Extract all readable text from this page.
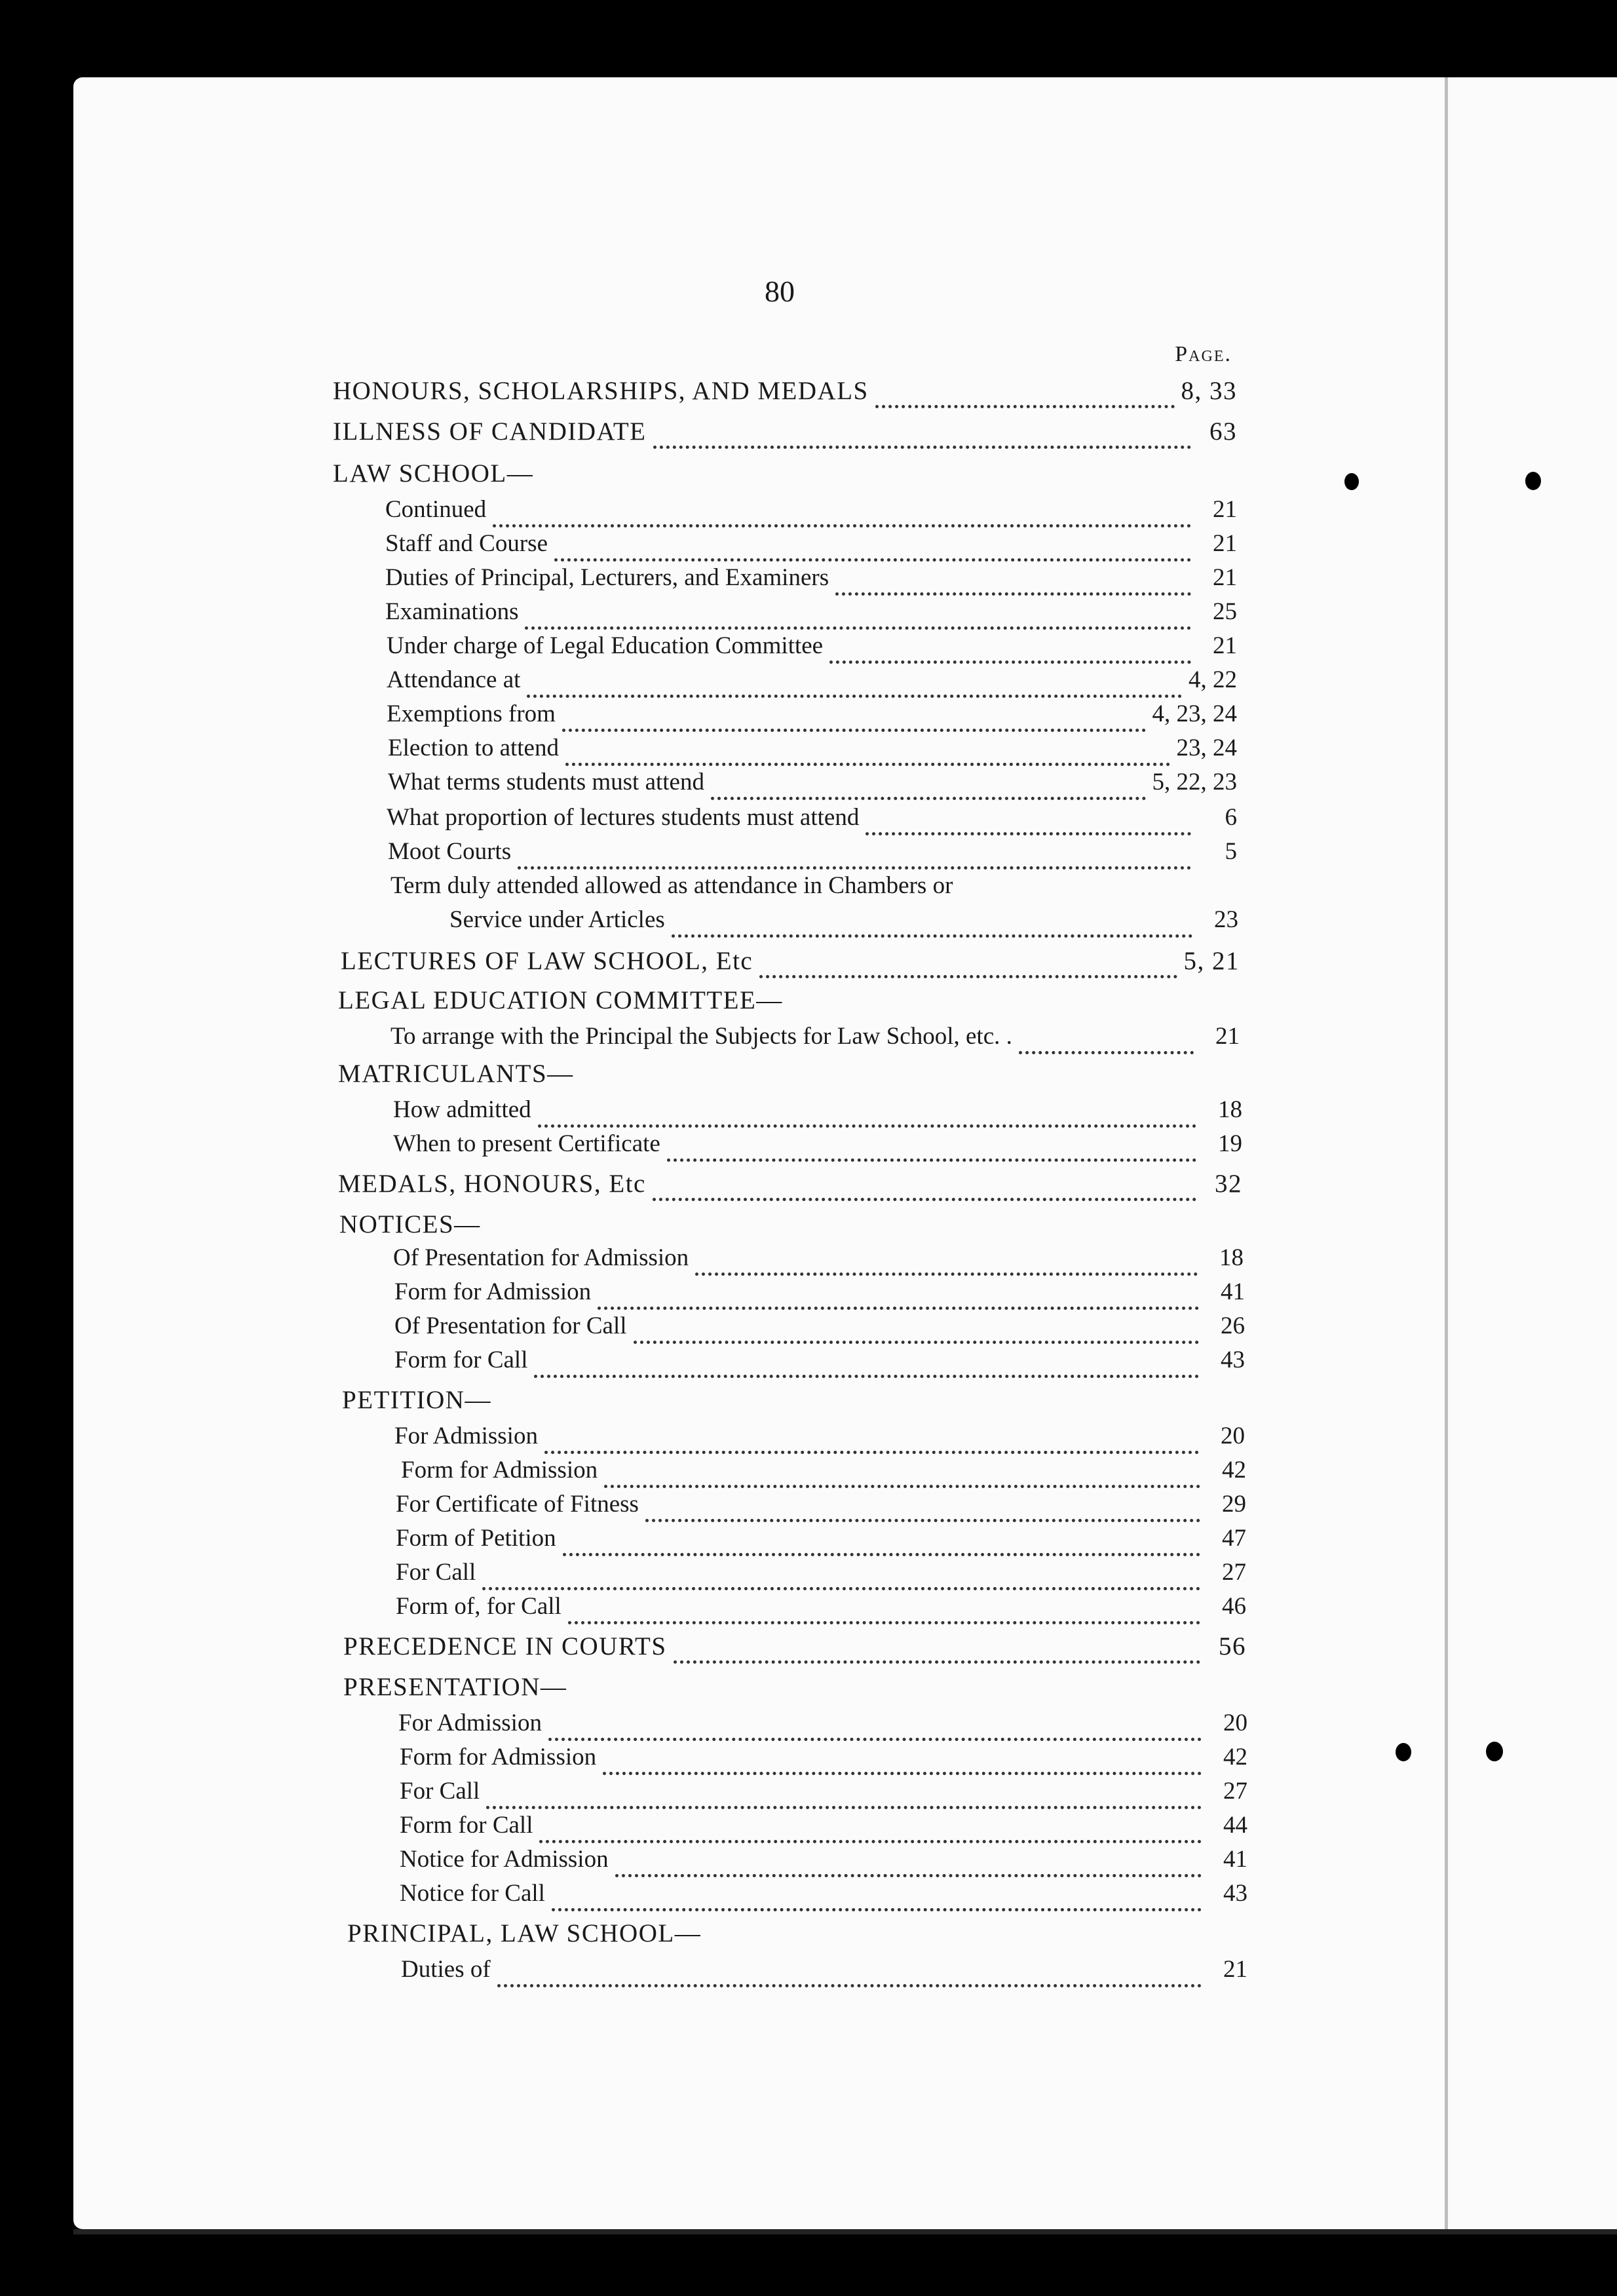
80
Page.
HONOURS, SCHOLARSHIPS, AND MEDALS	8, 33
ILLNESS OF CANDIDATE	63
LAW SCHOOL—
Continued	21
Staff and Course	21
Duties of Principal, Lecturers, and Examiners	21
Examinations	25
Under charge of Legal Education Committee	21
Attendance at	4, 22
Exemptions from	4, 23, 24
Election to attend	23, 24
What terms students must attend	5, 22, 23
What proportion of lectures students must attend	6
Moot Courts	5
Term duly attended allowed as attendance in Chambers or
Service under Articles	23
LECTURES OF LAW SCHOOL, Etc	5, 21
LEGAL EDUCATION COMMITTEE—
To arrange with the Principal the Subjects for Law School, etc. .	21
MATRICULANTS—
How admitted	18
When to present Certificate	19
MEDALS, HONOURS, Etc	32
NOTICES—
Of Presentation for Admission	18
Form for Admission	41
Of Presentation for Call	26
Form for Call	43
PETITION—
For Admission	20
Form for Admission	42
For Certificate of Fitness	29
Form of Petition	47
For Call	27
Form of, for Call	46
PRECEDENCE IN COURTS	56
PRESENTATION—
For Admission	20
Form for Admission	42
For Call	27
Form for Call	44
Notice for Admission	41
Notice for Call	43
PRINCIPAL, LAW SCHOOL—
Duties of	21
